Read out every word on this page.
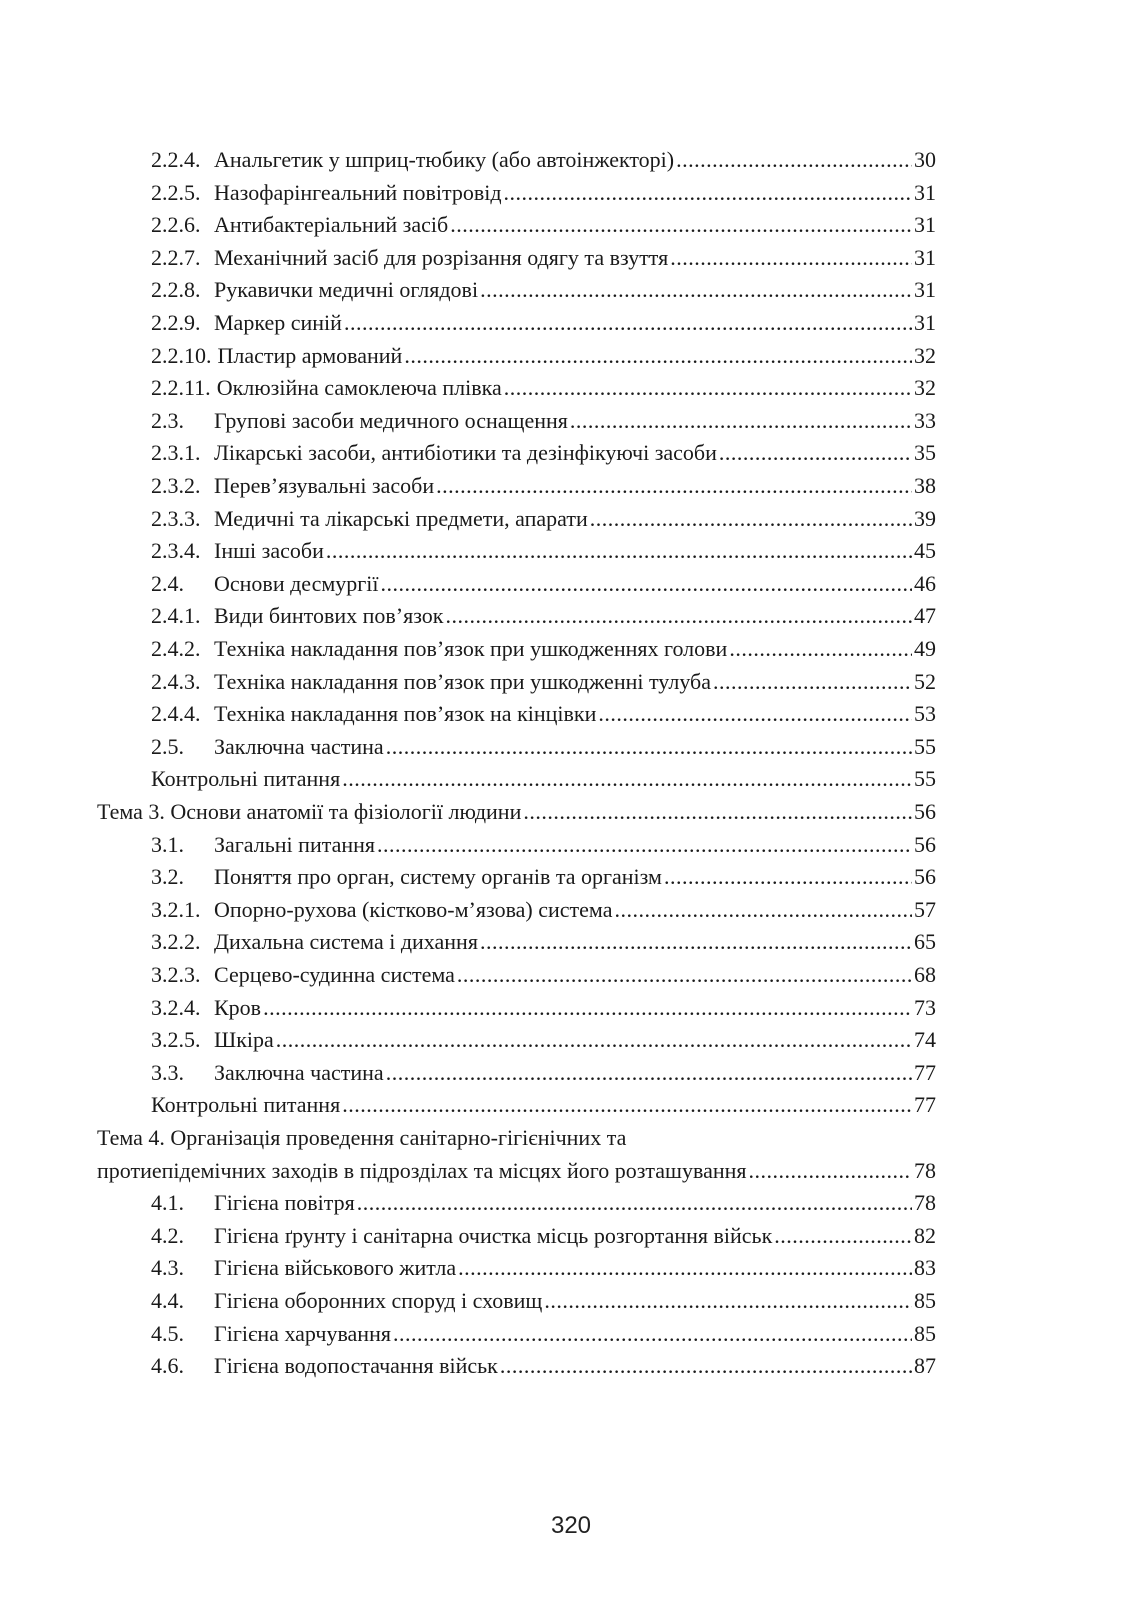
2.2.4. Анальгетик у шприц-тюбику (або автоінжекторі) .....	30
2.2.5. Назофарінгеальний повітровід .....	31
2.2.6. Антибактеріальний засіб .....	31
2.2.7. Механічний засіб для розрізання одягу та взуття .....	31
2.2.8. Рукавички медичні оглядові .....	31
2.2.9. Маркер синій .....	31
2.2.10. Пластир армований .....	32
2.2.11. Оклюзійна самоклеюча плівка .....	32
2.3.	Групові засоби медичного оснащення .....	33
2.3.1. Лікарські засоби, антибіотики та дезінфікуючі засоби .....	35
2.3.2. Перев’язувальні засоби .....	38
2.3.3. Медичні та лікарські предмети, апарати .....	39
2.3.4. Інші засоби .....	45
2.4.	Основи десмургії .....	46
2.4.1. Види бинтових пов’язок .....	47
2.4.2. Техніка накладання пов’язок при ушкодженнях голови .....	49
2.4.3. Техніка накладання пов’язок при ушкодженні тулуба .....	52
2.4.4. Техніка накладання пов’язок на кінцівки .....	53
2.5.	Заключна частина .....	55
Контрольні питання .....	55
Тема 3. Основи анатомії та фізіології людини .....	56
3.1.	Загальні питання .....	56
3.2.	Поняття про орган, систему органів та організм .....	56
3.2.1. Опорно-рухова (кістково-м’язова) система .....	57
3.2.2. Дихальна система і дихання .....	65
3.2.3. Серцево-судинна система .....	68
3.2.4. Кров .....	73
3.2.5. Шкіра .....	74
3.3.	Заключна частина .....	77
Контрольні питання .....	77
Тема 4. Організація проведення санітарно-гігієнічних та
протиепідемічних заходів в підрозділах та місцях його розташування .....	78
4.1.	Гігієна повітря .....	78
4.2.	Гігієна ґрунту і санітарна очистка місць розгортання військ .....	82
4.3.	Гігієна військового житла .....	83
4.4.	Гігієна оборонних споруд і сховищ .....	85
4.5.	Гігієна харчування .....	85
4.6.	Гігієна водопостачання військ .....	87
320
